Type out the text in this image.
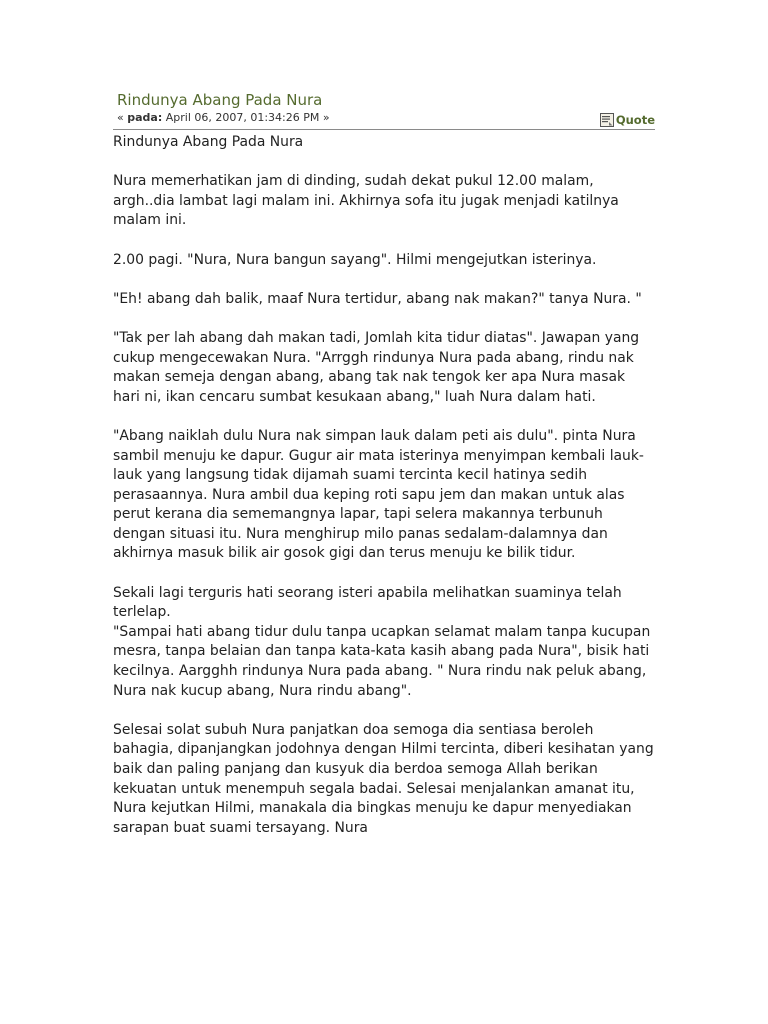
Rindunya Abang Pada Nura
« pada: April 06, 2007, 01:34:26 PM »	Quote

Rindunya Abang Pada Nura

Nura memerhatikan jam di dinding, sudah dekat pukul 12.00 malam, argh..dia lambat lagi malam ini. Akhirnya sofa itu jugak menjadi katilnya malam ini.

2.00 pagi. "Nura, Nura bangun sayang". Hilmi mengejutkan isterinya.

"Eh! abang dah balik, maaf Nura tertidur, abang nak makan?" tanya Nura. "

"Tak per lah abang dah makan tadi, Jomlah kita tidur diatas". Jawapan yang cukup mengecewakan Nura. "Arrggh rindunya Nura pada abang, rindu nak makan semeja dengan abang, abang tak nak tengok ker apa Nura masak hari ni, ikan cencaru sumbat kesukaan abang," luah Nura dalam hati.

"Abang naiklah dulu Nura nak simpan lauk dalam peti ais dulu". pinta Nura sambil menuju ke dapur. Gugur air mata isterinya menyimpan kembali lauk-lauk yang langsung tidak dijamah suami tercinta kecil hatinya sedih perasaannya. Nura ambil dua keping roti sapu jem dan makan untuk alas perut kerana dia sememangnya lapar, tapi selera makannya terbunuh dengan situasi itu. Nura menghirup milo panas sedalam-dalamnya dan akhirnya masuk bilik air gosok gigi dan terus menuju ke bilik tidur.

Sekali lagi terguris hati seorang isteri apabila melihatkan suaminya telah terlelap.

"Sampai hati abang tidur dulu tanpa ucapkan selamat malam tanpa kucupan mesra, tanpa belaian dan tanpa kata-kata kasih abang pada Nura", bisik hati kecilnya. Aargghh rindunya Nura pada abang. " Nura rindu nak peluk abang, Nura nak kucup abang, Nura rindu abang".

Selesai solat subuh Nura panjatkan doa semoga dia sentiasa beroleh bahagia, dipanjangkan jodohnya dengan Hilmi tercinta, diberi kesihatan yang baik dan paling panjang dan kusyuk dia berdoa semoga Allah berikan kekuatan untuk menempuh segala badai. Selesai menjalankan amanat itu, Nura kejutkan Hilmi, manakala dia bingkas menuju ke dapur menyediakan sarapan buat suami tersayang. Nura
